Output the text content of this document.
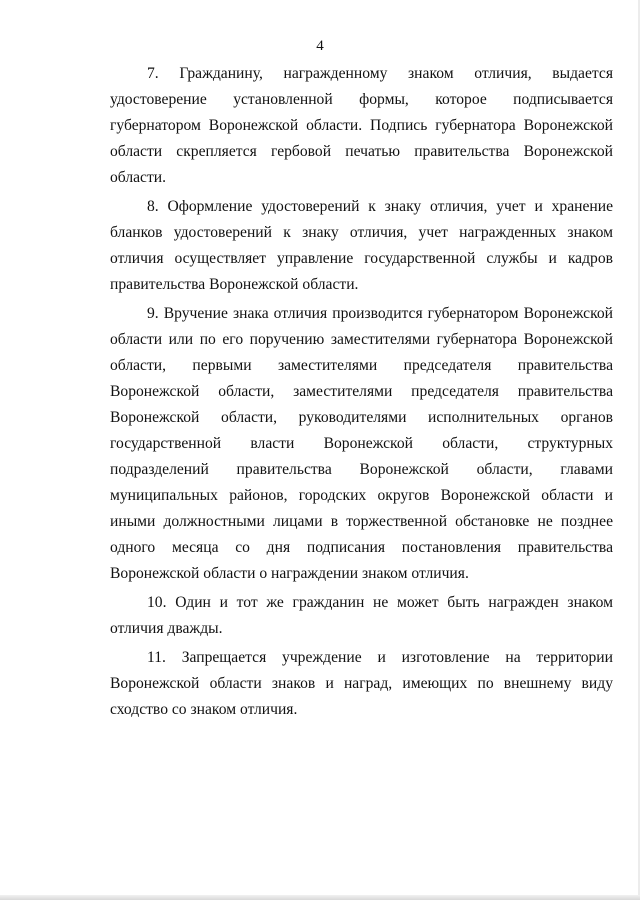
4

7. Гражданину, награжденному знаком отличия, выдается удостоверение установленной формы, которое подписывается губернатором Воронежской области. Подпись губернатора Воронежской области скрепляется гербовой печатью правительства Воронежской области.

8. Оформление удостоверений к знаку отличия, учет и хранение бланков удостоверений к знаку отличия, учет награжденных знаком отличия осуществляет управление государственной службы и кадров правительства Воронежской области.

9. Вручение знака отличия производится губернатором Воронежской области или по его поручению заместителями губернатора Воронежской области, первыми заместителями председателя правительства Воронежской области, заместителями председателя правительства Воронежской области, руководителями исполнительных органов государственной власти Воронежской области, структурных подразделений правительства Воронежской области, главами муниципальных районов, городских округов Воронежской области и иными должностными лицами в торжественной обстановке не позднее одного месяца со дня подписания постановления правительства Воронежской области о награждении знаком отличия.

10. Один и тот же гражданин не может быть награжден знаком отличия дважды.

11. Запрещается учреждение и изготовление на территории Воронежской области знаков и наград, имеющих по внешнему виду сходство со знаком отличия.
